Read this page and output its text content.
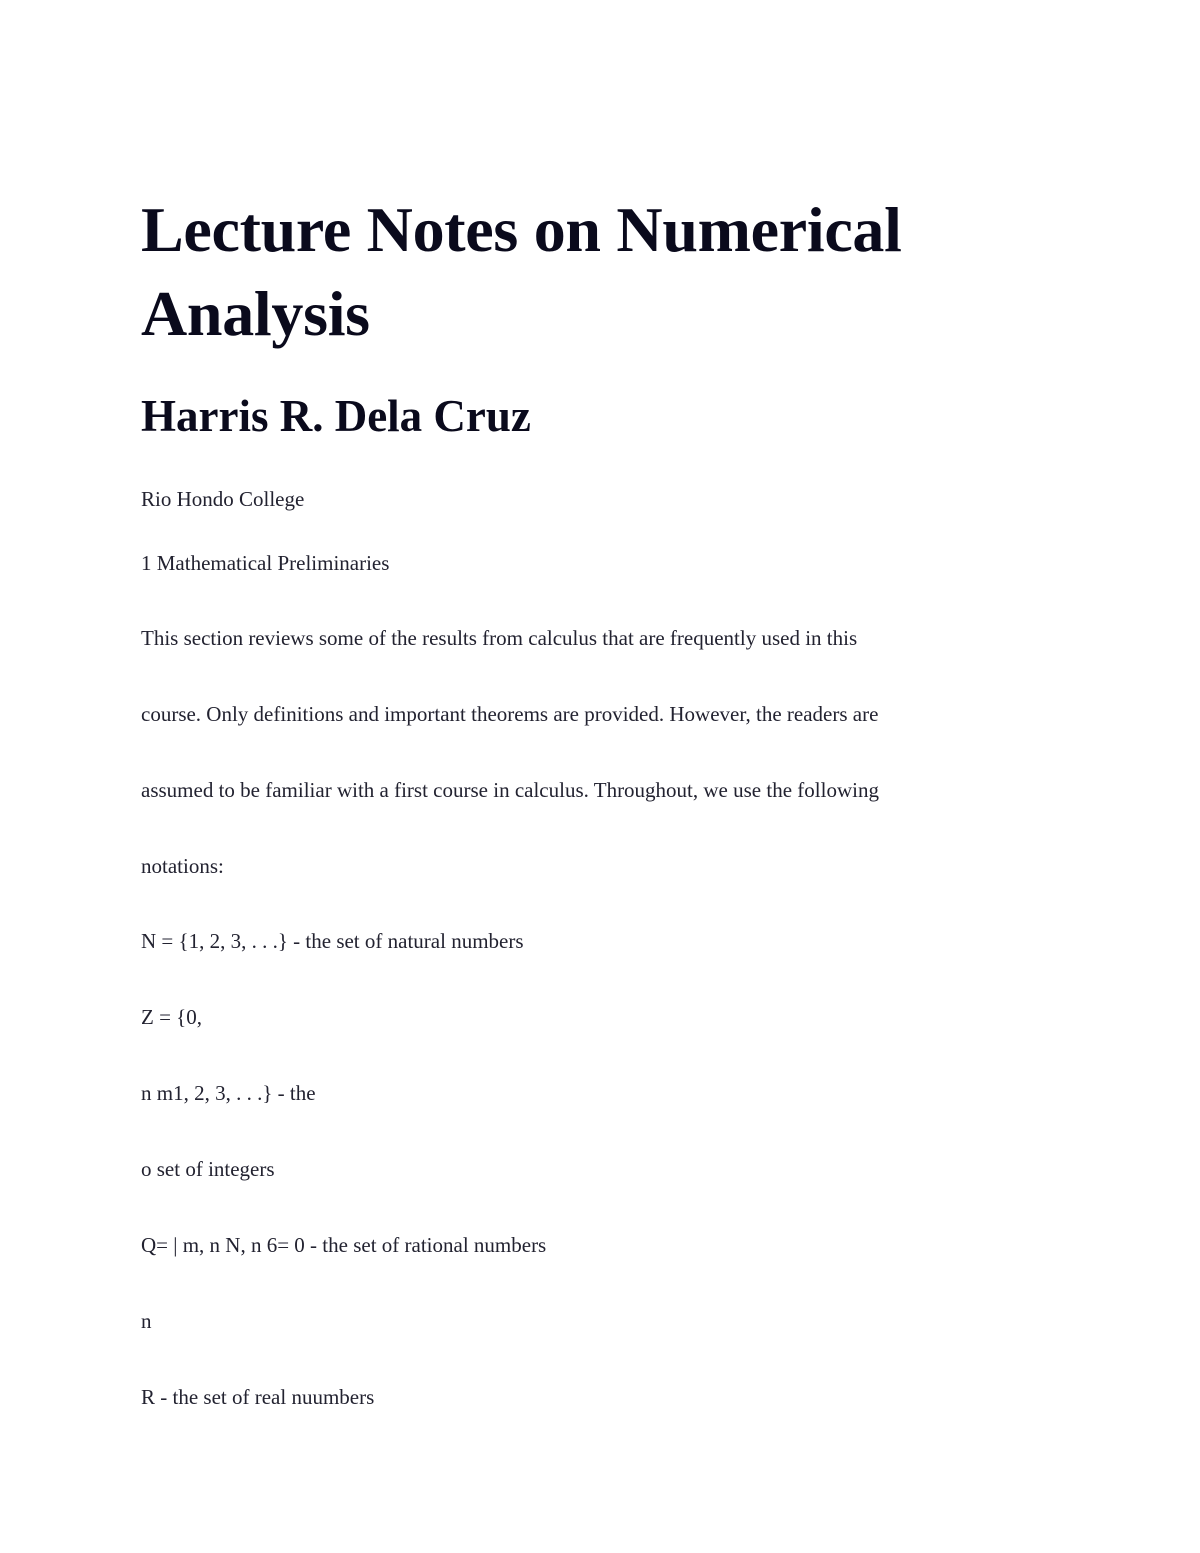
Lecture Notes on Numerical Analysis
Harris R. Dela Cruz

Rio Hondo College

1 Mathematical Preliminaries

This section reviews some of the results from calculus that are frequently used in this

course. Only definitions and important theorems are provided. However, the readers are

assumed to be familiar with a first course in calculus. Throughout, we use the following

notations:

N = {1, 2, 3, . . .} - the set of natural numbers

Z = {0,

n m1, 2, 3, . . .} - the

o set of integers

Q= | m, n N, n 6= 0 - the set of rational numbers

n

R - the set of real nuumbers
